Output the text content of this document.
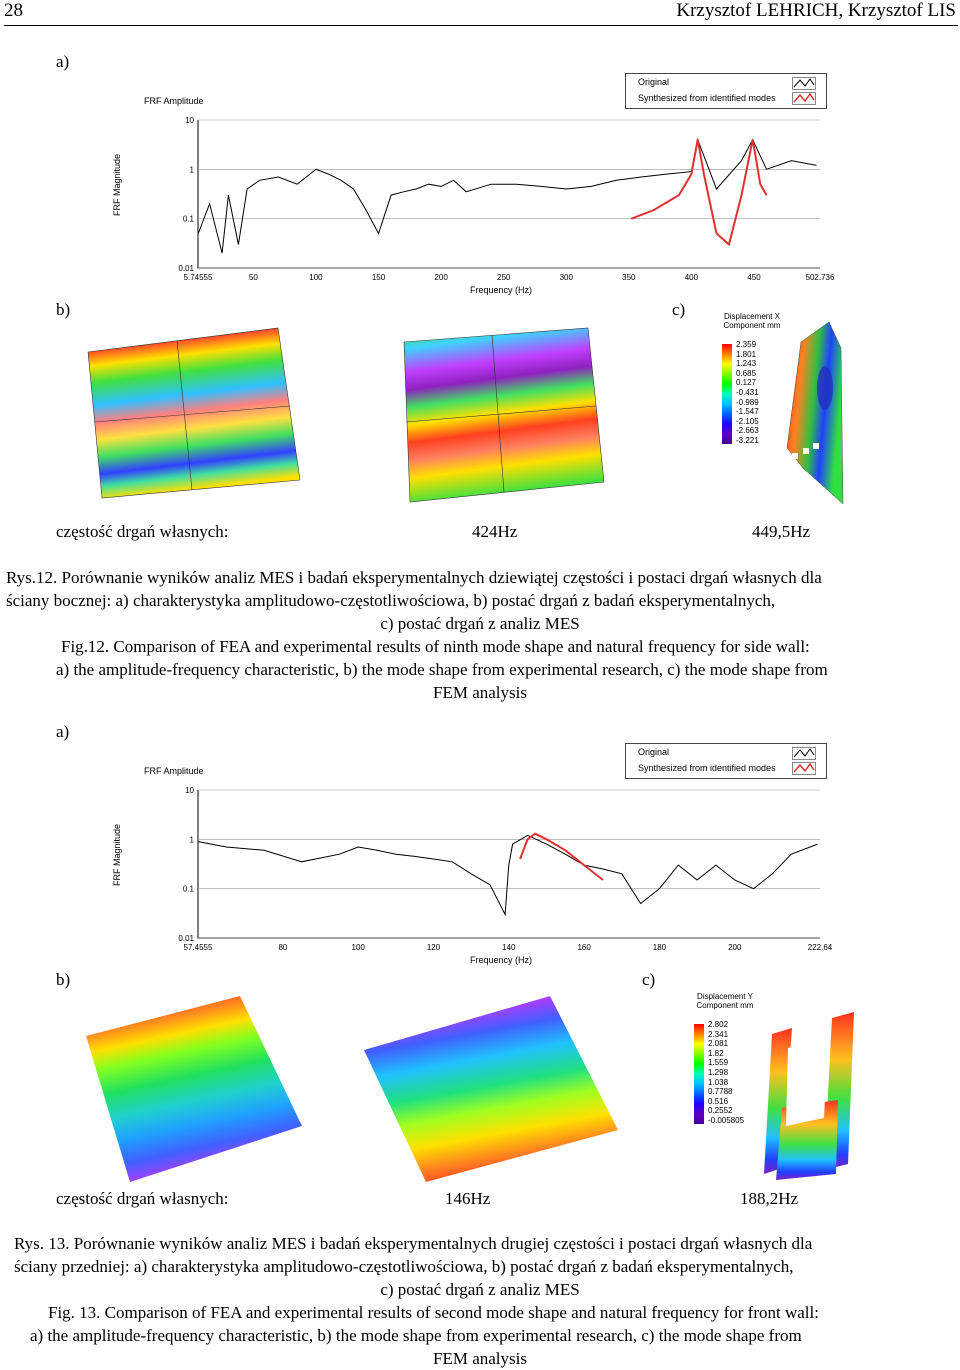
28	Krzysztof LEHRICH, Krzysztof LIS
a)
FRF Amplitude
FRF Magnitude
10
1
0.1
0.01
5.74555	50	100	150	200	250	300	350	400	450	502.736
Frequency (Hz)
Original
Synthesized from identified modes
b)	c)	Displacement X Component mm
2.359
1.801
1.243
0.685
0.127
-0.431
-0.989
-1.547
-2.105
-2.663
-3.221
częstość drgań własnych:	424Hz	449,5Hz
Rys.12. Porównanie wyników analiz MES i badań eksperymentalnych dziewiątej częstości i postaci drgań własnych dla
ściany bocznej: a) charakterystyka amplitudowo-częstotliwościowa, b) postać drgań z badań eksperymentalnych,
c) postać drgań z analiz MES
Fig.12. Comparison of FEA and experimental results of ninth mode shape and natural frequency for side wall:
a) the amplitude-frequency characteristic, b) the mode shape from experimental research, c) the mode shape from
FEM analysis
a)
FRF Amplitude
FRF Magnitude
10
1
0.1
0.01
57.4555	80	100	120	140	160	180	200	222.64
Frequency (Hz)
Original
Synthesized from identified modes
b)	c)
Displacement Y Component mm
2.802
2.341
2.081
1.82
1.559
1.298
1.038
0.7788
0.516
0.2552
-0.005805
częstość drgań własnych:	146Hz	188,2Hz
Rys. 13. Porównanie wyników analiz MES i badań eksperymentalnych drugiej częstości i postaci drgań własnych dla
ściany przedniej: a) charakterystyka amplitudowo-częstotliwościowa, b) postać drgań z badań eksperymentalnych,
c) postać drgań z analiz MES
Fig. 13. Comparison of FEA and experimental results of second mode shape and natural frequency for front wall:
a) the amplitude-frequency characteristic, b) the mode shape from experimental research, c) the mode shape from
FEM analysis
